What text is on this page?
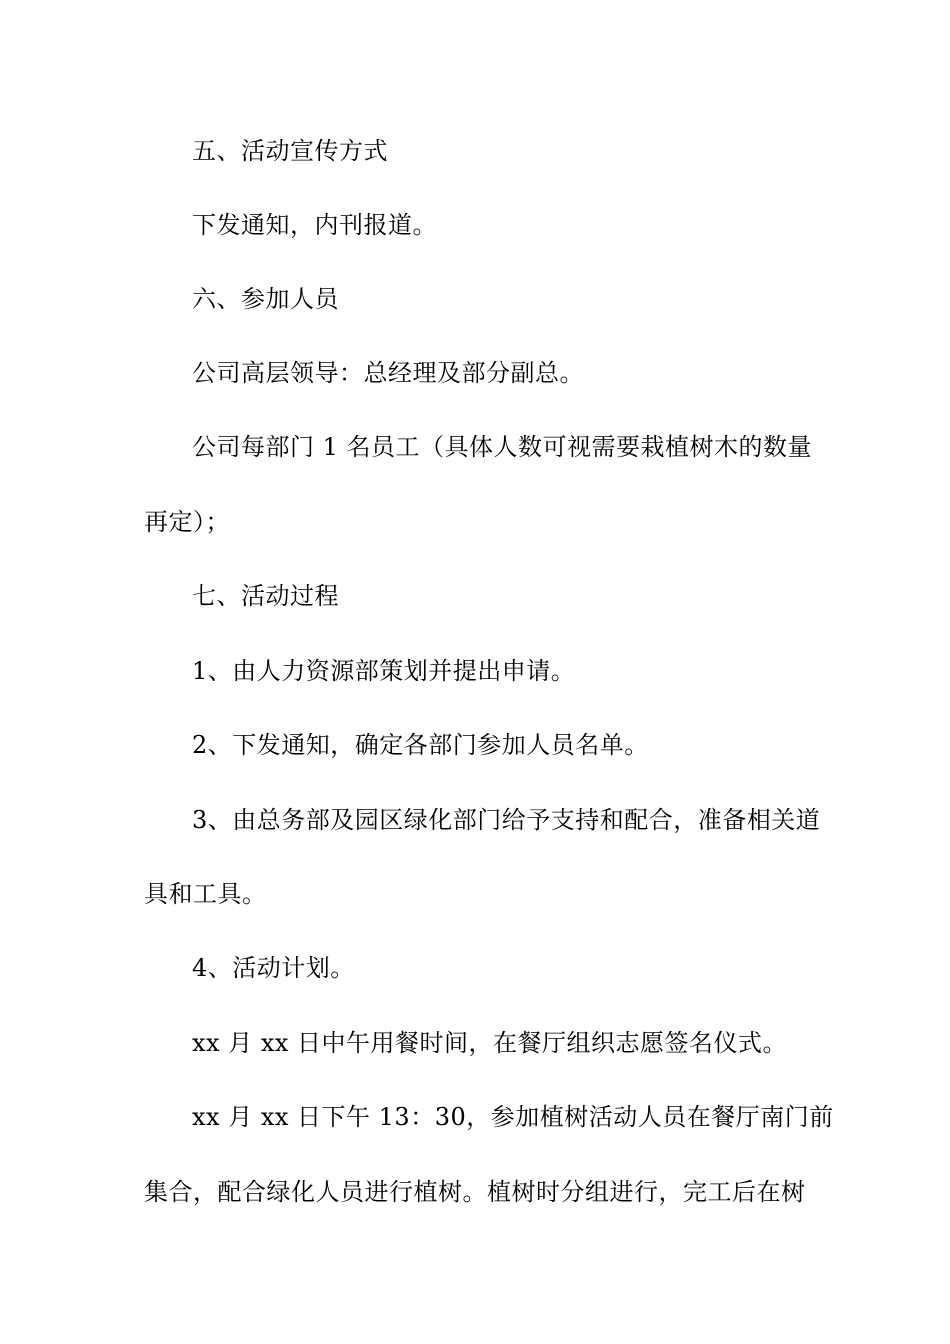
五、活动宣传方式
下发通知，内刊报道。
六、参加人员
公司高层领导：总经理及部分副总。
公司每部门 1 名员工（具体人数可视需要栽植树木的数量
再定）；
七、活动过程
1、由人力资源部策划并提出申请。
2、下发通知，确定各部门参加人员名单。
3、由总务部及园区绿化部门给予支持和配合，准备相关道
具和工具。
4、活动计划。
xx 月 xx 日中午用餐时间，在餐厅组织志愿签名仪式。
xx 月 xx 日下午 13：30，参加植树活动人员在餐厅南门前
集合，配合绿化人员进行植树。植树时分组进行，完工后在树
